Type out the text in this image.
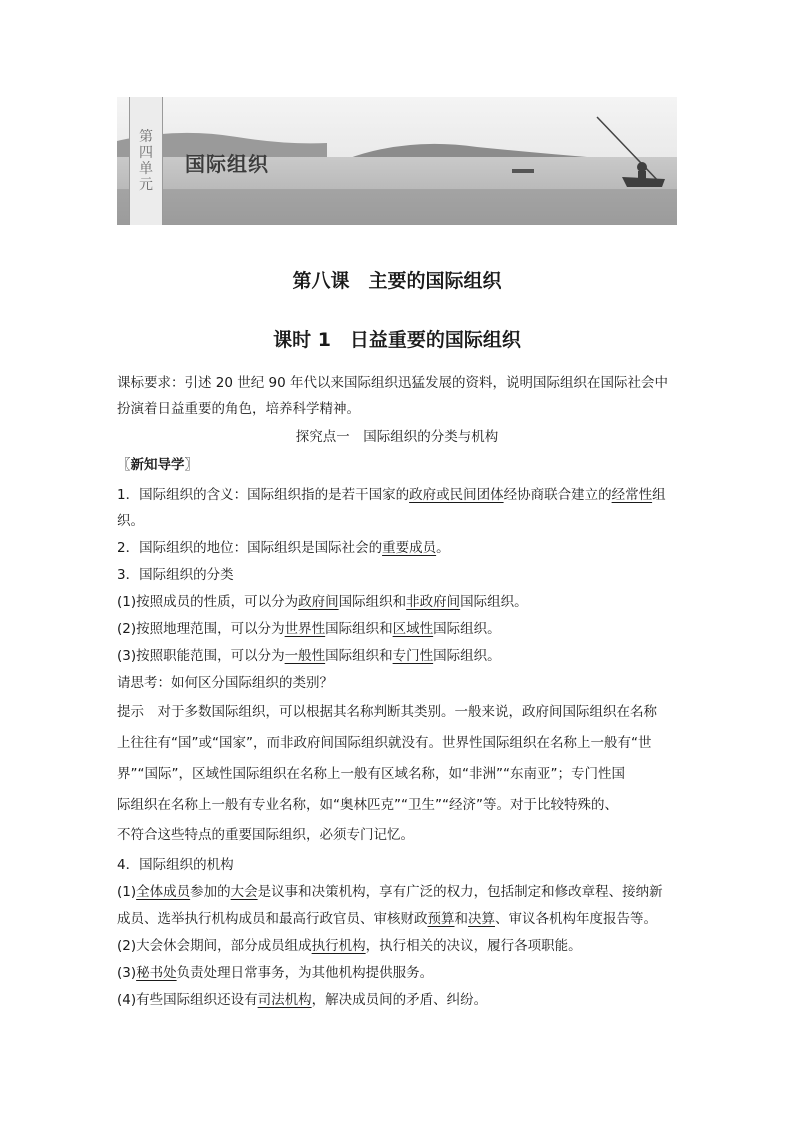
第
四
单
元
国际组织
第八课　主要的国际组织
课时 1　日益重要的国际组织
课标要求：引述 20 世纪 90 年代以来国际组织迅猛发展的资料，说明国际组织在国际社会中
扮演着日益重要的角色，培养科学精神。
探究点一　国际组织的分类与机构
〖新知导学〗
1．国际组织的含义：国际组织指的是若干国家的政府或民间团体经协商联合建立的经常性组
织。
2．国际组织的地位：国际组织是国际社会的重要成员。
3．国际组织的分类
(1)按照成员的性质，可以分为政府间国际组织和非政府间国际组织。
(2)按照地理范围，可以分为世界性国际组织和区域性国际组织。
(3)按照职能范围，可以分为一般性国际组织和专门性国际组织。
请思考：如何区分国际组织的类别？
提示　对于多数国际组织，可以根据其名称判断其类别。一般来说，政府间国际组织在名称
上往往有“国”或“国家”，而非政府间国际组织就没有。世界性国际组织在名称上一般有“世
界”“国际”，区域性国际组织在名称上一般有区域名称，如“非洲”“东南亚”；专门性国
际组织在名称上一般有专业名称，如“奥林匹克”“卫生”“经济”等。对于比较特殊的、
不符合这些特点的重要国际组织，必须专门记忆。
4．国际组织的机构
(1)全体成员参加的大会是议事和决策机构，享有广泛的权力，包括制定和修改章程、接纳新
成员、选举执行机构成员和最高行政官员、审核财政预算和决算、审议各机构年度报告等。
(2)大会休会期间，部分成员组成执行机构，执行相关的决议，履行各项职能。
(3)秘书处负责处理日常事务，为其他机构提供服务。
(4)有些国际组织还设有司法机构，解决成员间的矛盾、纠纷。
